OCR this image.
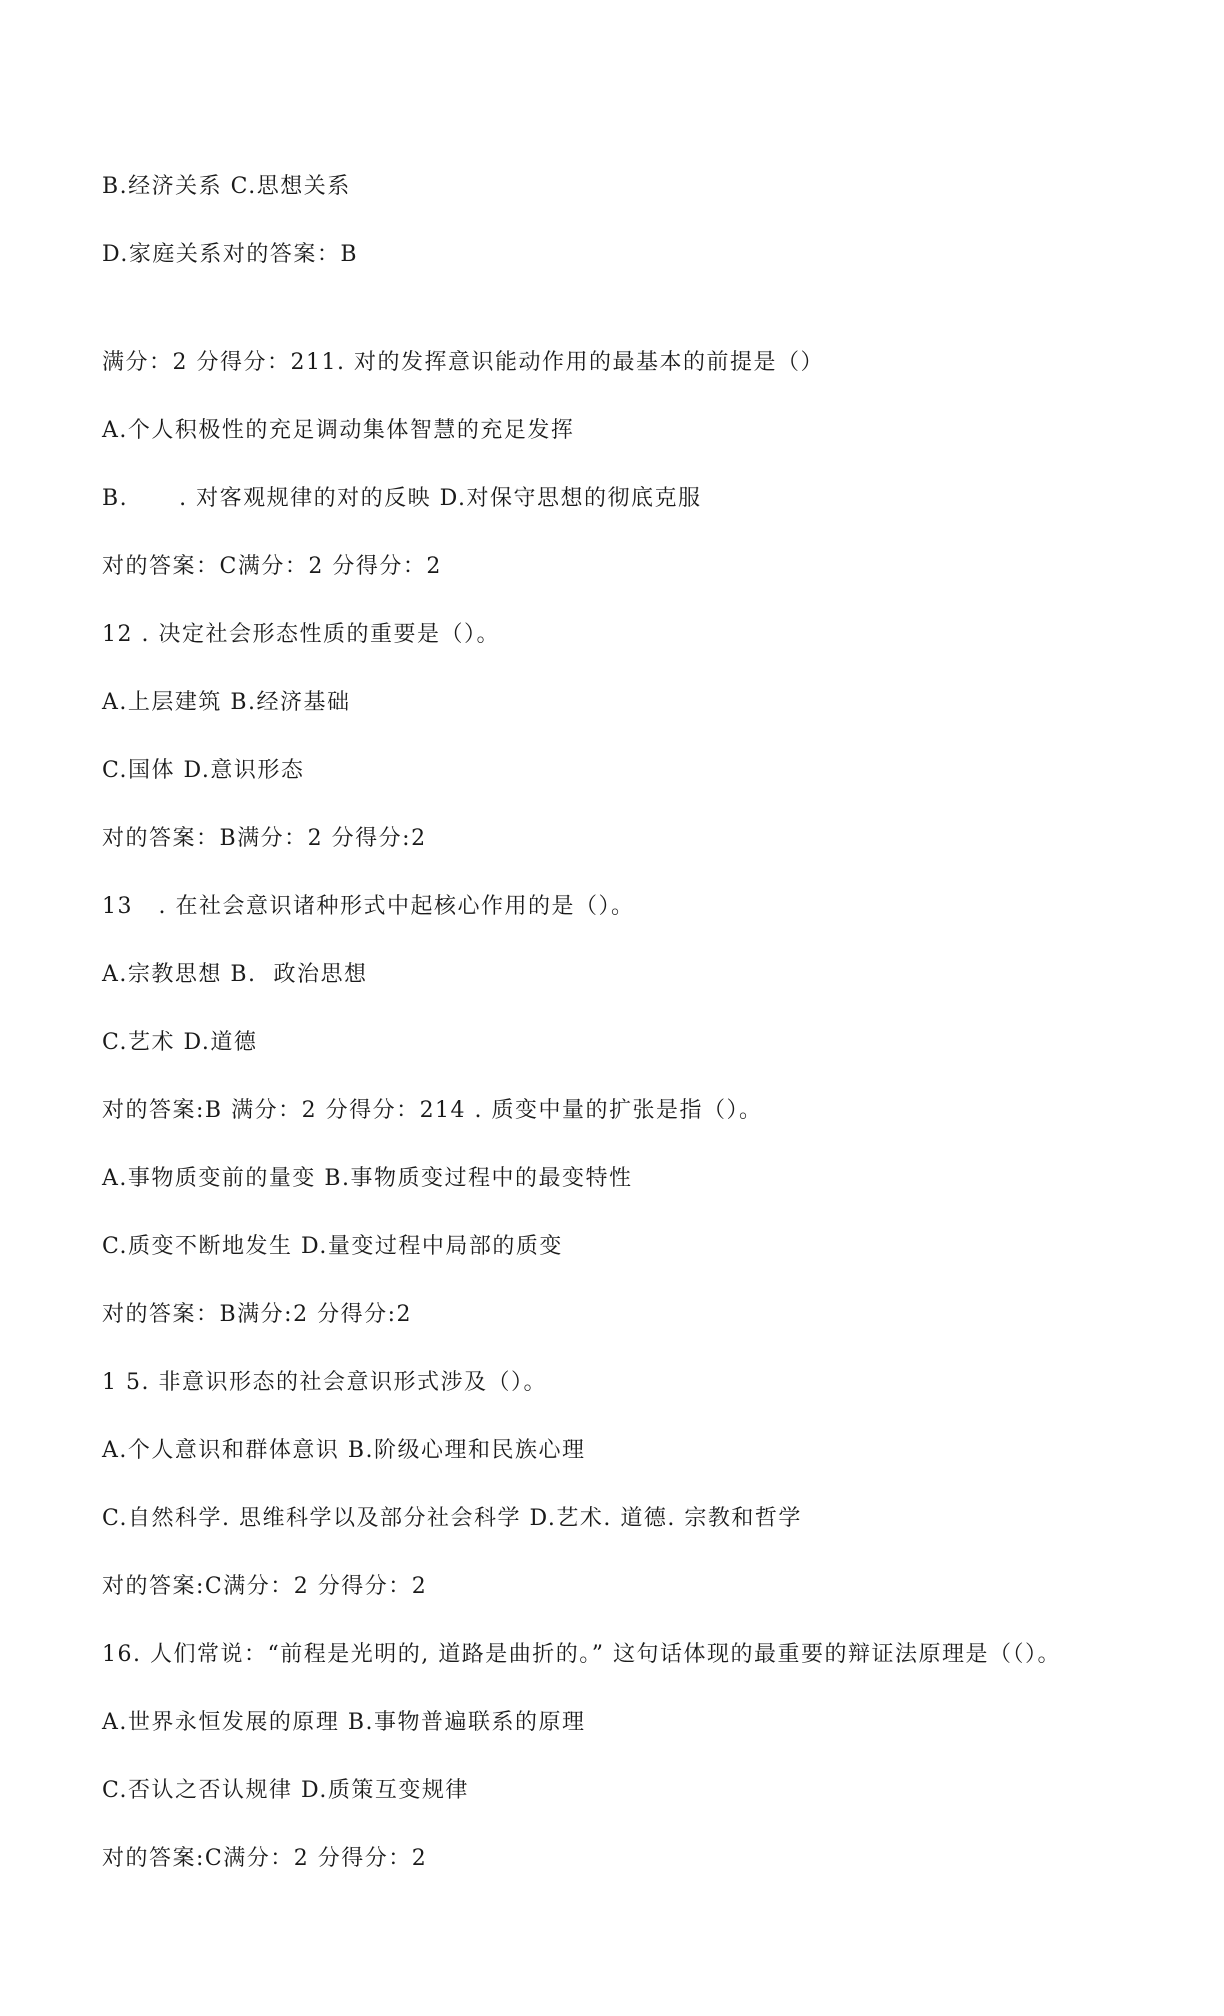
B.经济关系 C.思想关系
D.家庭关系对的答案：B
满分：2 分得分：211. 对的发挥意识能动作用的最基本的前提是（）
A.个人积极性的充足调动集体智慧的充足发挥
B.      . 对客观规律的对的反映 D.对保守思想的彻底克服
对的答案：C满分：2 分得分：2
12 . 决定社会形态性质的重要是（）。
A.上层建筑 B.经济基础
C.国体 D.意识形态
对的答案：B满分：2 分得分:2
13   . 在社会意识诸种形式中起核心作用的是（）。
A.宗教思想 B.  政治思想
C.艺术 D.道德
对的答案:B 满分：2 分得分：214 . 质变中量的扩张是指（）。
A.事物质变前的量变 B.事物质变过程中的最变特性
C.质变不断地发生 D.量变过程中局部的质变
对的答案：B满分:2 分得分:2
1 5. 非意识形态的社会意识形式涉及（）。
A.个人意识和群体意识 B.阶级心理和民族心理
C.自然科学. 思维科学以及部分社会科学 D.艺术. 道德. 宗教和哲学
对的答案:C满分：2 分得分：2
16. 人们常说：“前程是光明的, 道路是曲折的。” 这句话体现的最重要的辩证法原理是（（）。
A.世界永恒发展的原理 B.事物普遍联系的原理
C.否认之否认规律 D.质策互变规律
对的答案:C满分：2 分得分：2
